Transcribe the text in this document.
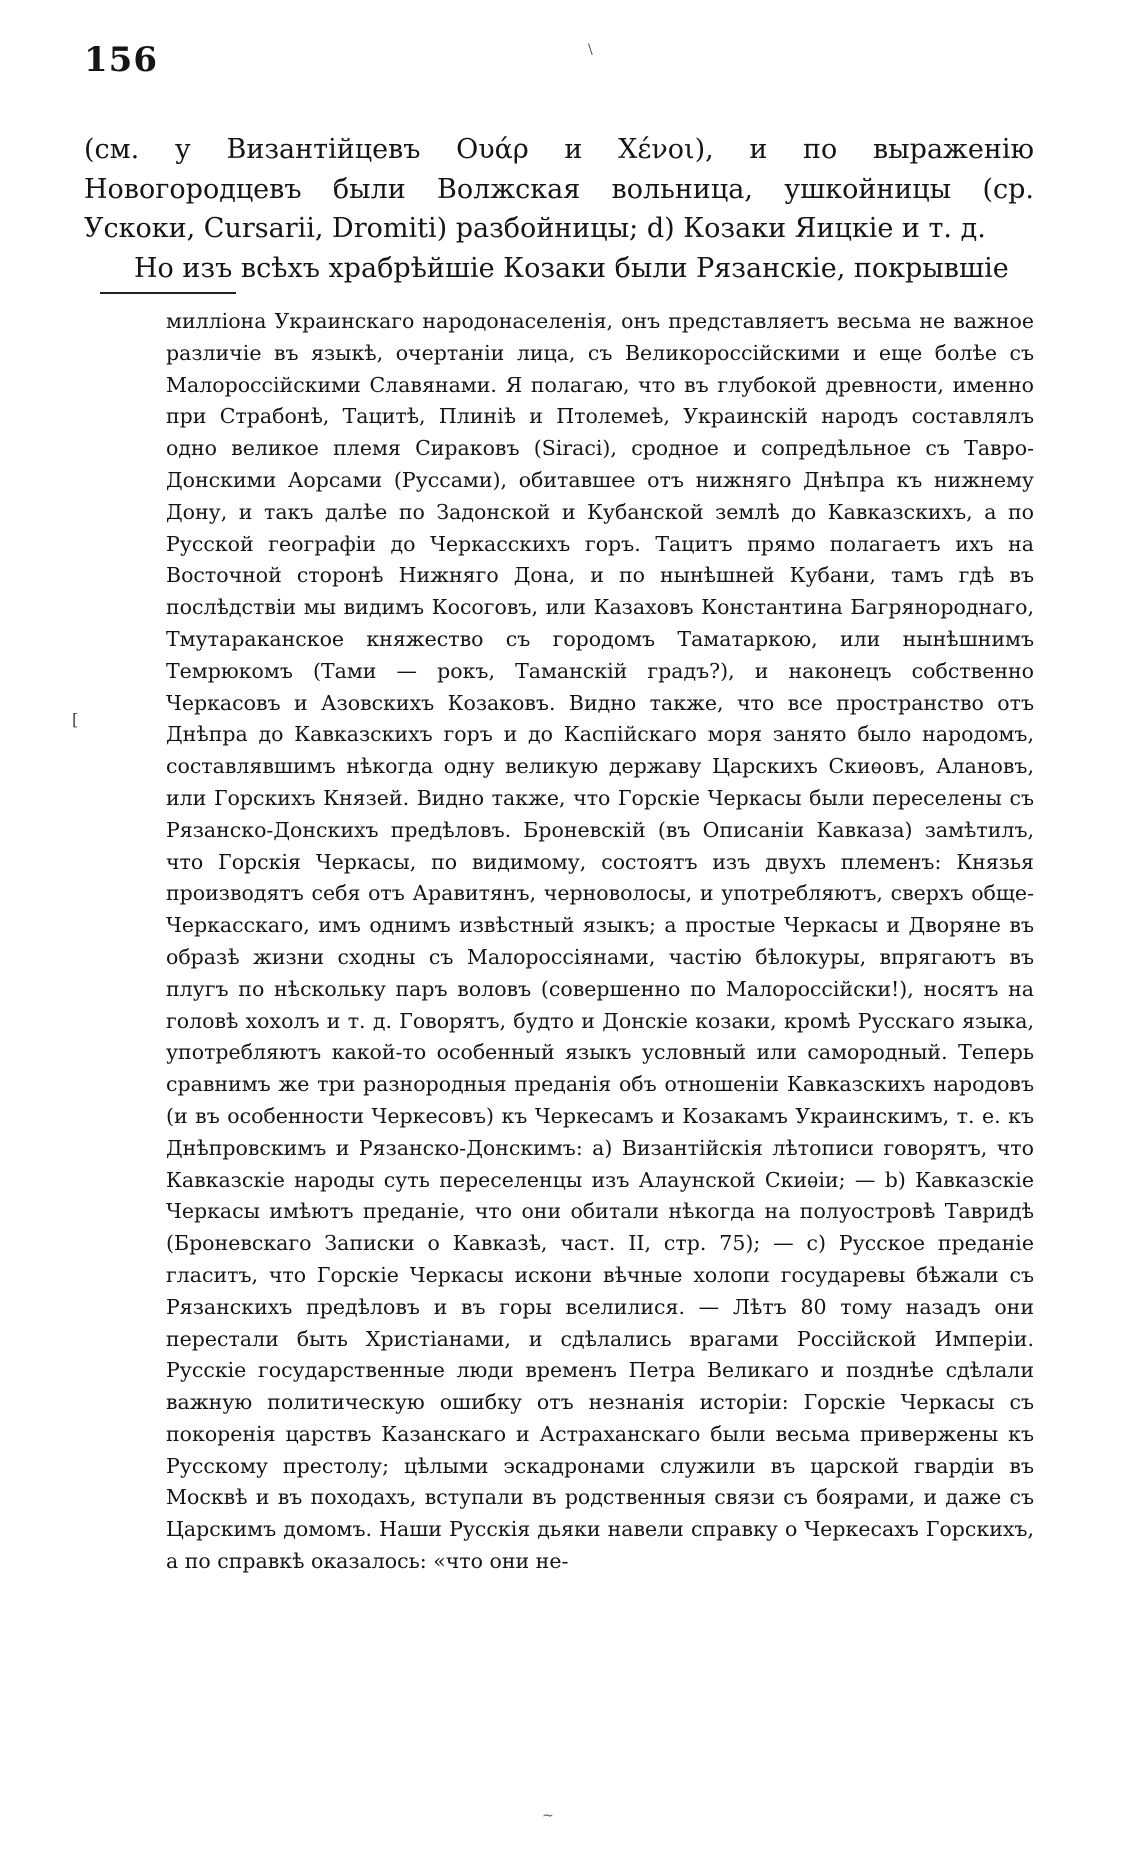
156	\
[
~

(см. у Византійцевъ Ουάρ и Χένοι), и по выраженію Новогородцевъ были Волжская вольница, ушкойницы (ср. Ускоки, Cursarii, Dromiti) разбойницы; d) Козаки Яицкіе и т. д.

Но изъ всѣхъ храбрѣйшіе Козаки были Рязанскіе, покрывшіе

милліона Украинскаго народонаселенія, онъ представляетъ весьма не важное различіе въ языкѣ, очертаніи лица, съ Великороссійскими и еще болѣе съ Малороссійскими Славянами. Я полагаю, что въ глубокой древности, именно при Страбонѣ, Тацитѣ, Плиніѣ и Птолемеѣ, Украинскій народъ составлялъ одно великое племя Сираковъ (Siraci), сродное и сопредѣльное съ Тавро-Донскими Аорсами (Руссами), обитавшее отъ нижняго Днѣпра къ нижнему Дону, и такъ далѣе по Задонской и Кубанской землѣ до Кавказскихъ, а по Русской географіи до Черкасскихъ горъ. Тацитъ прямо полагаетъ ихъ на Восточной сторонѣ Нижняго Дона, и по нынѣшней Кубани, тамъ гдѣ въ послѣдствіи мы видимъ Косоговъ, или Казаховъ Константина Багрянороднаго, Тмутараканское княжество съ городомъ Таматаркою, или нынѣшнимъ Темрюкомъ (Тами — рокъ, Таманскій градъ?), и наконецъ собственно Черкасовъ и Азовскихъ Козаковъ. Видно также, что все пространство отъ Днѣпра до Кавказскихъ горъ и до Каспійскаго моря занято было народомъ, составлявшимъ нѣкогда одну великую державу Царскихъ Скиѳовъ, Алановъ, или Горскихъ Князей. Видно также, что Горскіе Черкасы были переселены съ Рязанско-Донскихъ предѣловъ. Броневскій (въ Описаніи Кавказа) замѣтилъ, что Горскія Черкасы, по видимому, состоятъ изъ двухъ племенъ: Князья производятъ себя отъ Аравитянъ, черноволосы, и употребляютъ, сверхъ обще-Черкасскаго, имъ однимъ извѣстный языкъ; а простые Черкасы и Дворяне въ образѣ жизни сходны съ Малороссіянами, частію бѣлокуры, впрягаютъ въ плугъ по нѣскольку паръ воловъ (совершенно по Малороссійски!), носятъ на головѣ хохолъ и т. д. Говорятъ, будто и Донскіе козаки, кромѣ Русскаго языка, употребляютъ какой-то особенный языкъ условный или самородный. Теперь сравнимъ же три разнородныя преданія объ отношеніи Кавказскихъ народовъ (и въ особенности Черкесовъ) къ Черкесамъ и Козакамъ Украинскимъ, т. е. къ Днѣпровскимъ и Рязанско-Донскимъ: a) Византійскія лѣтописи говорятъ, что Кавказскіе народы суть переселенцы изъ Алаунской Скиѳіи; — b) Кавказскіе Черкасы имѣютъ преданіе, что они обитали нѣкогда на полуостровѣ Тавридѣ (Броневскаго Записки о Кавказѣ, част. II, стр. 75); — c) Русское преданіе гласитъ, что Горскіе Черкасы искони вѣчные холопи государевы бѣжали съ Рязанскихъ предѣловъ и въ горы вселилися. — Лѣтъ 80 тому назадъ они перестали быть Христіанами, и сдѣлались врагами Россійской Имперіи. Русскіе государственные люди временъ Петра Великаго и позднѣе сдѣлали важную политическую ошибку отъ незнанія исторіи: Горскіе Черкасы съ покоренія царствъ Казанскаго и Астраханскаго были весьма привержены къ Русскому престолу; цѣлыми эскадронами служили въ царской гвардіи въ Москвѣ и въ походахъ, вступали въ родственныя связи съ боярами, и даже съ Царскимъ домомъ. Наши Русскія дьяки навели справку о Черкесахъ Горскихъ, а по справкѣ оказалось: «что они не-
